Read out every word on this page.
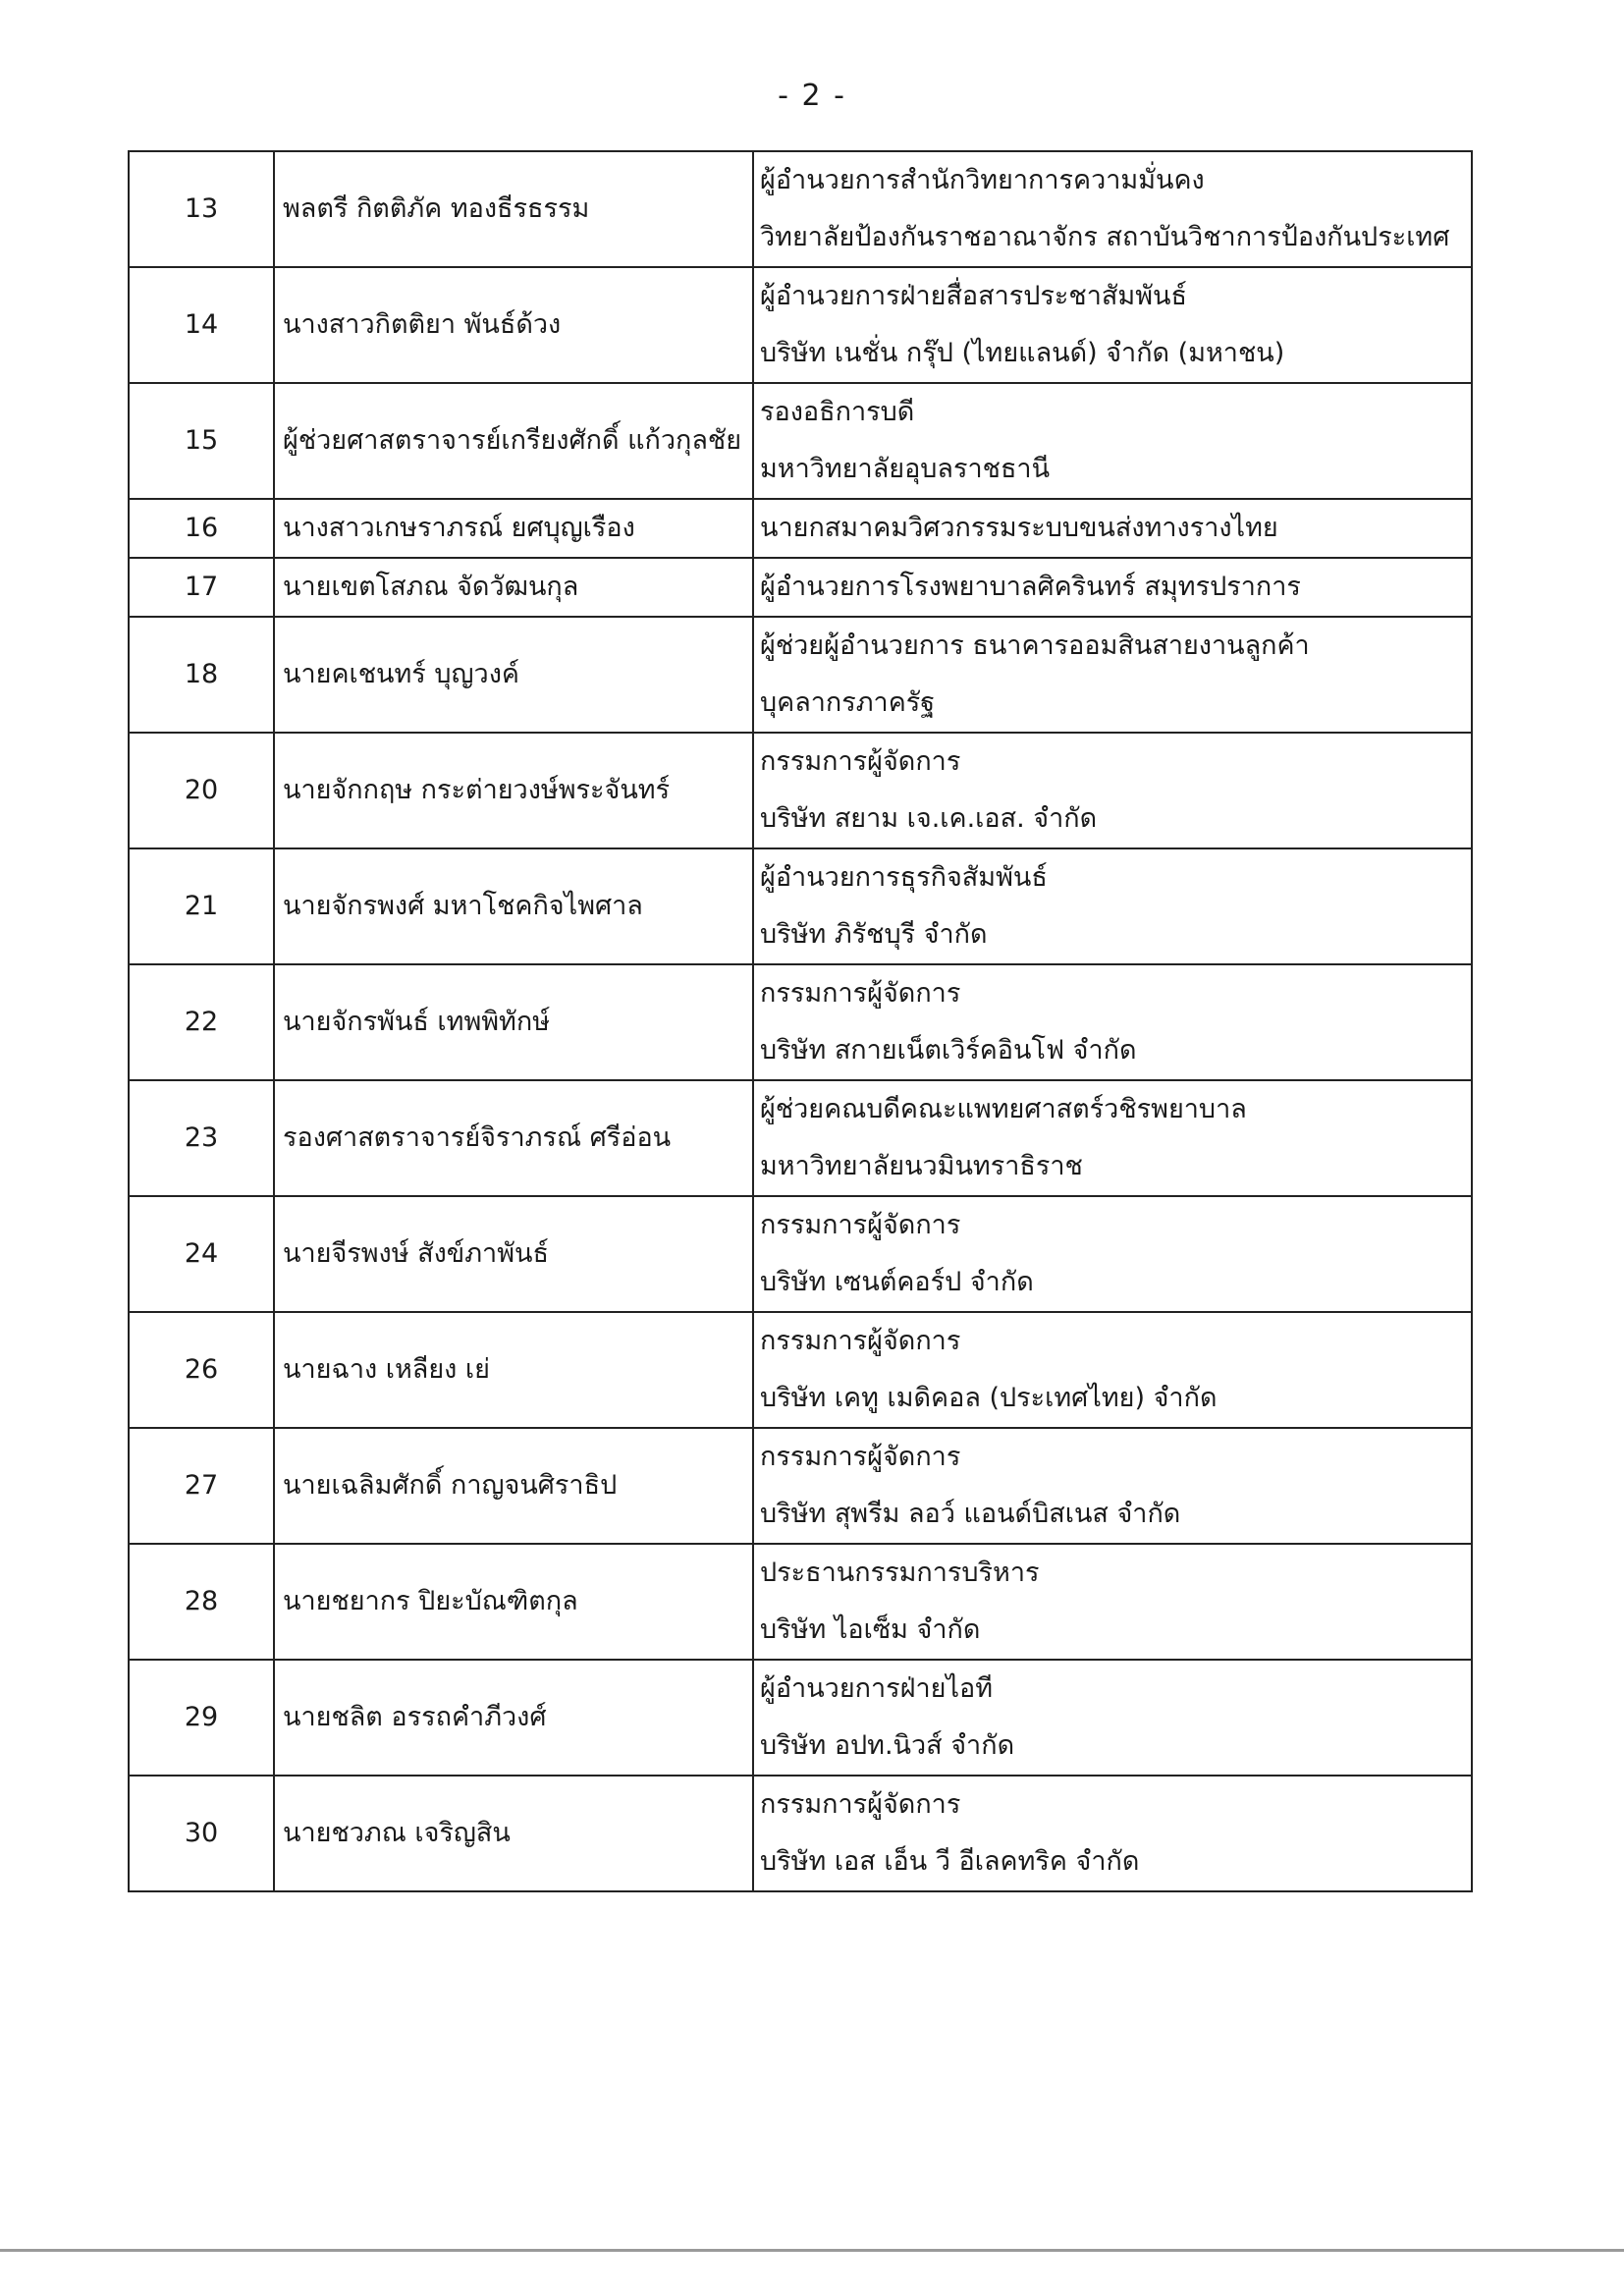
- 2 -
13	พลตรี กิตติภัค ทองธีรธรรม	ผู้อำนวยการสำนักวิทยาการความมั่นคง
วิทยาลัยป้องกันราชอาณาจักร สถาบันวิชาการป้องกันประเทศ

14	นางสาวกิตติยา พันธ์ด้วง	ผู้อำนวยการฝ่ายสื่อสารประชาสัมพันธ์
บริษัท เนชั่น กรุ๊ป (ไทยแลนด์) จำกัด (มหาชน)

15	ผู้ช่วยศาสตราจารย์เกรียงศักดิ์ แก้วกุลชัย	รองอธิการบดี
มหาวิทยาลัยอุบลราชธานี

16	นางสาวเกษราภรณ์ ยศบุญเรือง	นายกสมาคมวิศวกรรมระบบขนส่งทางรางไทย

17	นายเขตโสภณ จัดวัฒนกุล	ผู้อำนวยการโรงพยาบาลศิครินทร์ สมุทรปราการ

18	นายคเชนทร์ บุญวงค์	ผู้ช่วยผู้อำนวยการ ธนาคารออมสินสายงานลูกค้า
บุคลากรภาครัฐ

20	นายจักกฤษ กระต่ายวงษ์พระจันทร์	กรรมการผู้จัดการ
บริษัท สยาม เจ.เค.เอส. จำกัด

21	นายจักรพงศ์ มหาโชคกิจไพศาล	ผู้อำนวยการธุรกิจสัมพันธ์
บริษัท ภิรัชบุรี จำกัด

22	นายจักรพันธ์ เทพพิทักษ์	กรรมการผู้จัดการ
บริษัท สกายเน็ตเวิร์คอินโฟ จำกัด

23	รองศาสตราจารย์จิราภรณ์ ศรีอ่อน	ผู้ช่วยคณบดีคณะแพทยศาสตร์วชิรพยาบาล
มหาวิทยาลัยนวมินทราธิราช

24	นายจีรพงษ์ สังข์ภาพันธ์	กรรมการผู้จัดการ
บริษัท เซนต์คอร์ป จำกัด

26	นายฉาง เหลียง เย่	กรรมการผู้จัดการ
บริษัท เคทู เมดิคอล (ประเทศไทย) จำกัด

27	นายเฉลิมศักดิ์ กาญจนศิราธิป	กรรมการผู้จัดการ
บริษัท สุพรีม ลอว์ แอนด์บิสเนส จำกัด

28	นายชยากร ปิยะบัณฑิตกุล	ประธานกรรมการบริหาร
บริษัท ไอเซ็ม จำกัด

29	นายชลิต อรรถคำภีวงศ์	ผู้อำนวยการฝ่ายไอที
บริษัท อปท.นิวส์ จำกัด

30	นายชวภณ เจริญสิน	กรรมการผู้จัดการ
บริษัท เอส เอ็น วี อีเลคทริค จำกัด
